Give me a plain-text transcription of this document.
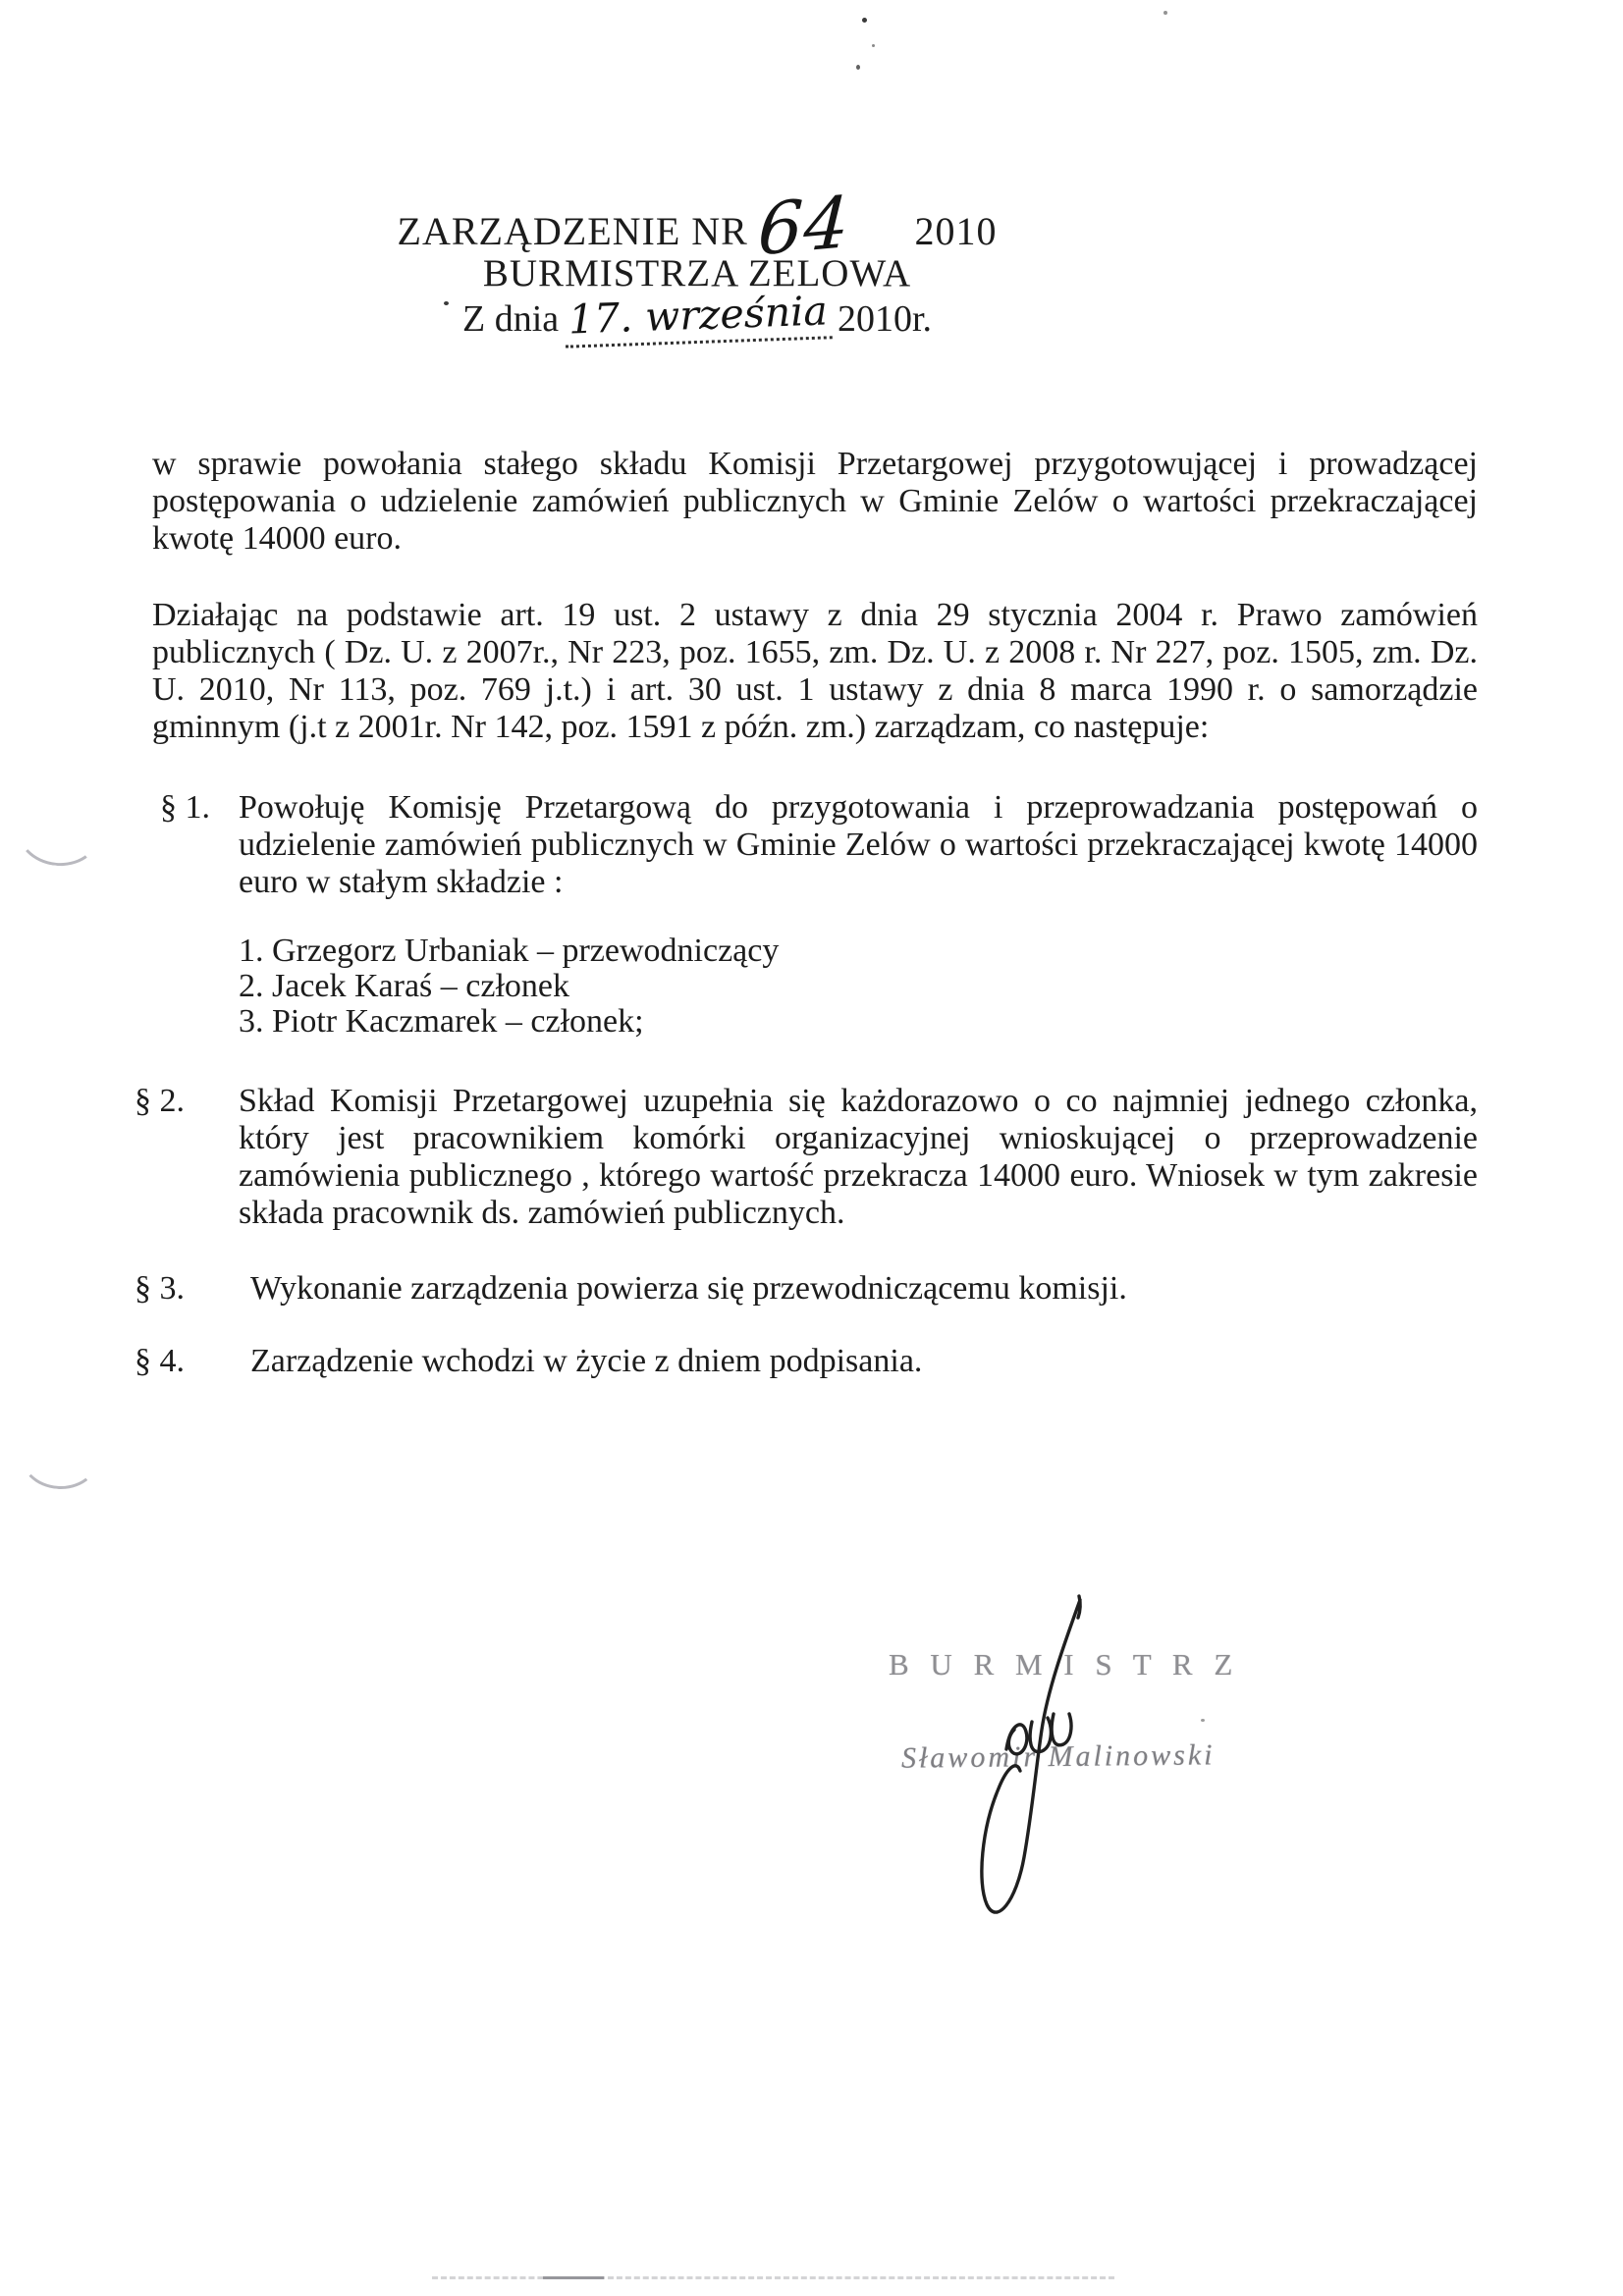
ZARZĄDZENIE NR 64 2010
BURMISTRZA ZELOWA
Z dnia 17. września 2010r.
w sprawie powołania stałego składu Komisji Przetargowej przygotowującej i prowadzącej postępowania o udzielenie zamówień publicznych w Gminie Zelów o wartości przekraczającej kwotę 14000 euro.
Działając na podstawie art. 19 ust. 2 ustawy z dnia 29 stycznia 2004 r. Prawo zamówień publicznych ( Dz. U. z 2007r., Nr 223, poz. 1655, zm. Dz. U. z 2008 r. Nr 227, poz. 1505, zm. Dz. U. 2010, Nr 113, poz. 769 j.t.) i art. 30 ust. 1 ustawy z dnia 8 marca 1990 r. o samorządzie gminnym (j.t z 2001r. Nr 142, poz. 1591 z późn. zm.) zarządzam, co następuje:
§ 1. Powołuję Komisję Przetargową do przygotowania i przeprowadzania postępowań o udzielenie zamówień publicznych w Gminie Zelów o wartości przekraczającej kwotę 14000 euro w stałym składzie :
1. Grzegorz Urbaniak – przewodniczący
2. Jacek Karaś – członek
3. Piotr Kaczmarek – członek;
§ 2. Skład Komisji Przetargowej uzupełnia się każdorazowo o co najmniej jednego członka, który jest pracownikiem komórki organizacyjnej wnioskującej o przeprowadzenie zamówienia publicznego , którego wartość przekracza 14000 euro. Wniosek w tym zakresie składa pracownik ds. zamówień publicznych.
§ 3. Wykonanie zarządzenia powierza się przewodniczącemu komisji.
§ 4. Zarządzenie wchodzi w życie z dniem podpisania.
B U R M I S T R Z
Sławomir Malinowski
